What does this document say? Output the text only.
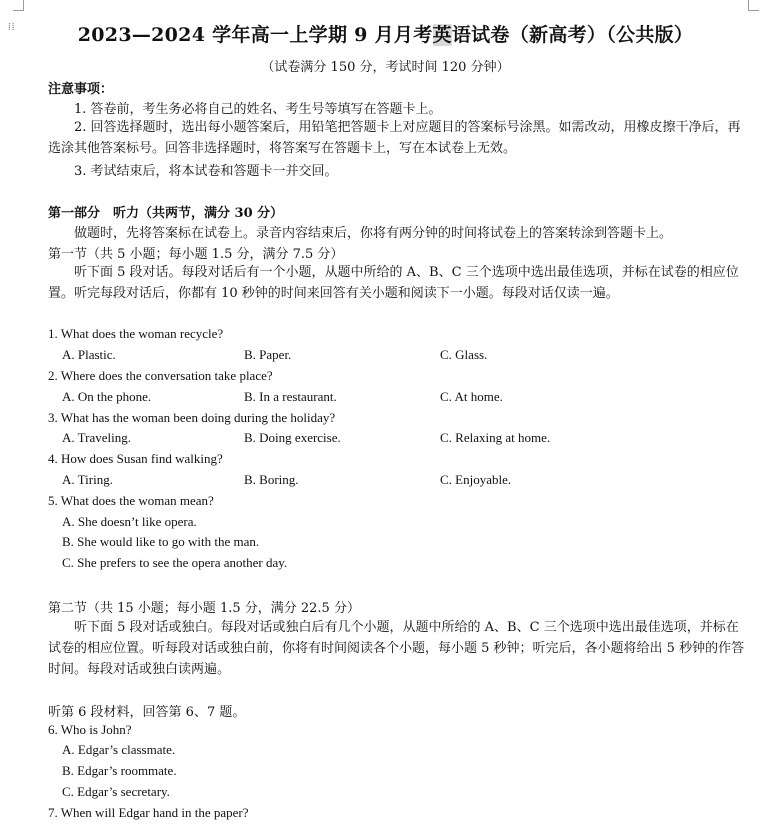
⁞⁞	2023—2024 学年高一上学期 9 月月考英语试卷（新高考）（公共版）
（试卷满分 150 分，考试时间 120 分钟）
注意事项：
1. 答卷前，考生务必将自己的姓名、考生号等填写在答题卡上。
2. 回答选择题时，选出每小题答案后，用铅笔把答题卡上对应题目的答案标号涂黑。如需改动，用橡皮擦干净后，再选涂其他答案标号。回答非选择题时，将答案写在答题卡上，写在本试卷上无效。
3. 考试结束后，将本试卷和答题卡一并交回。
第一部分　听力（共两节，满分 30 分）
做题时，先将答案标在试卷上。录音内容结束后，你将有两分钟的时间将试卷上的答案转涂到答题卡上。
第一节（共 5 小题；每小题 1.5 分，满分 7.5 分）
听下面 5 段对话。每段对话后有一个小题，从题中所给的 A、B、C 三个选项中选出最佳选项，并标在试卷的相应位置。听完每段对话后，你都有 10 秒钟的时间来回答有关小题和阅读下一小题。每段对话仅读一遍。
1. What does the woman recycle?
A. Plastic.	B. Paper.	C. Glass.
2. Where does the conversation take place?
A. On the phone.	B. In a restaurant.	C. At home.
3. What has the woman been doing during the holiday?
A. Traveling.	B. Doing exercise.	C. Relaxing at home.
4. How does Susan find walking?
A. Tiring.	B. Boring.	C. Enjoyable.
5. What does the woman mean?
A. She doesn’t like opera.
B. She would like to go with the man.
C. She prefers to see the opera another day.
第二节（共 15 小题；每小题 1.5 分，满分 22.5 分）
听下面 5 段对话或独白。每段对话或独白后有几个小题，从题中所给的 A、B、C 三个选项中选出最佳选项，并标在试卷的相应位置。听每段对话或独白前，你将有时间阅读各个小题，每小题 5 秒钟；听完后，各小题将给出 5 秒钟的作答时间。每段对话或独白读两遍。
听第 6 段材料，回答第 6、7 题。
6. Who is John?
A. Edgar’s classmate.
B. Edgar’s roommate.
C. Edgar’s secretary.
7. When will Edgar hand in the paper?
